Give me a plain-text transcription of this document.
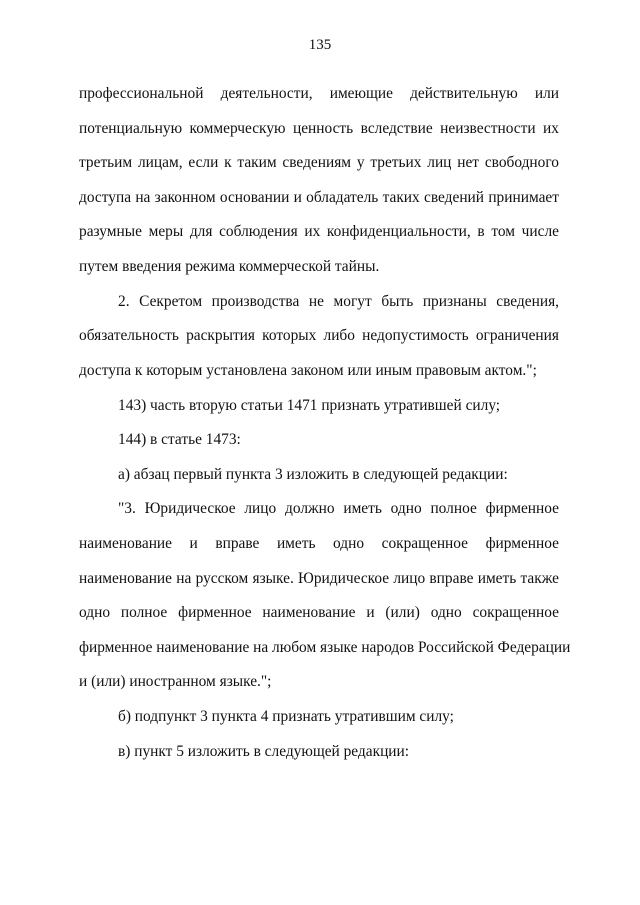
135
профессиональной деятельности, имеющие действительную или
потенциальную коммерческую ценность вследствие неизвестности их
третьим лицам, если к таким сведениям у третьих лиц нет свободного
доступа на законном основании и обладатель таких сведений принимает
разумные меры для соблюдения их конфиденциальности, в том числе
путем введения режима коммерческой тайны.
2. Секретом производства не могут быть признаны сведения,
обязательность раскрытия которых либо недопустимость ограничения
доступа к которым установлена законом или иным правовым актом.";
143) часть вторую статьи 1471 признать утратившей силу;
144) в статье 1473:
а) абзац первый пункта 3 изложить в следующей редакции:
"3. Юридическое лицо должно иметь одно полное фирменное
наименование и вправе иметь одно сокращенное фирменное
наименование на русском языке. Юридическое лицо вправе иметь также
одно полное фирменное наименование и (или) одно сокращенное
фирменное наименование на любом языке народов Российской Федерации
и (или) иностранном языке.";
б) подпункт 3 пункта 4 признать утратившим силу;
в) пункт 5 изложить в следующей редакции:
